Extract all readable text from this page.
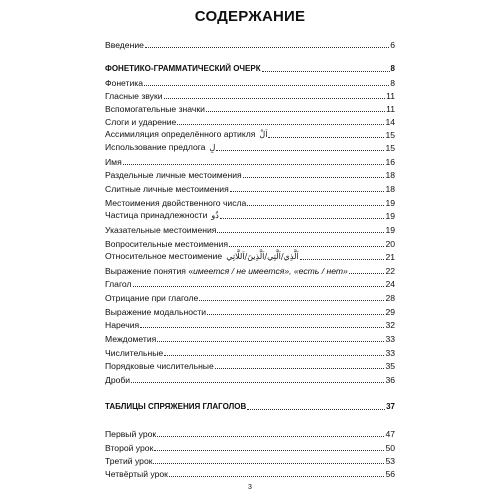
СОДЕРЖАНИЕ
Введение	6
ФОНЕТИКО-ГРАММАТИЧЕСКИЙ ОЧЕРК	8
Фонетика	8
Гласные звуки	11
Вспомогательные значки	11
Слоги и ударение	14
Ассимиляция определённого артикля اَلْ	15
Использование предлога لِ	15
Имя	16
Раздельные личные местоимения	18
Слитные личные местоимения	18
Местоимения двойственного числа	19
Частица принадлежности ذُو	19
Указательные местоимения	19
Вопросительные местоимения	20
Относительное местоимение اَلَّذِي/اَلَّتِي/اَلَّذِينَ/اَللَّاتِي	21
Выражение понятия «имеется / не имеется», «есть / нет»	22
Глагол	24
Отрицание при глаголе	28
Выражение модальности	29
Наречия	32
Междометия	33
Числительные	33
Порядковые числительные	35
Дроби	36
ТАБЛИЦЫ СПРЯЖЕНИЯ ГЛАГОЛОВ	37
Первый урок	47
Второй урок	50
Третий урок	53
Четвёртый урок	56
3
